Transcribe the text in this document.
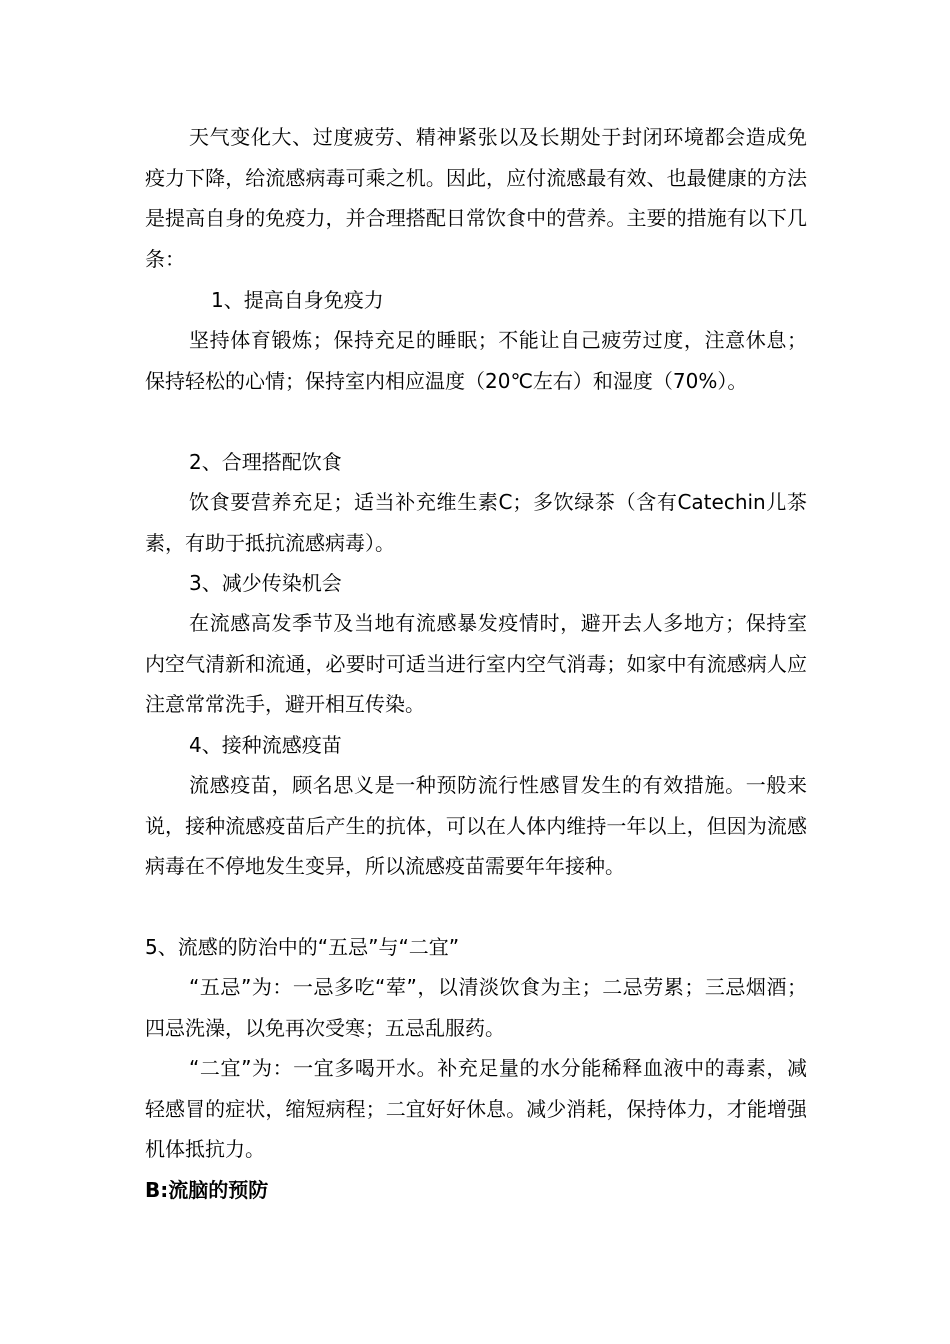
天气变化大、过度疲劳、精神紧张以及长期处于封闭环境都会造成免疫力下降，给流感病毒可乘之机。因此，应付流感最有效、也最健康的方法是提高自身的免疫力，并合理搭配日常饮食中的营养。主要的措施有以下几条：

1、提高自身免疫力

坚持体育锻炼；保持充足的睡眠；不能让自己疲劳过度，注意休息；保持轻松的心情；保持室内相应温度（20℃左右）和湿度（70%）。

2、合理搭配饮食

饮食要营养充足；适当补充维生素C；多饮绿茶（含有Catechin儿茶素，有助于抵抗流感病毒）。

3、减少传染机会

在流感高发季节及当地有流感暴发疫情时，避开去人多地方；保持室内空气清新和流通，必要时可适当进行室内空气消毒；如家中有流感病人应注意常常洗手，避开相互传染。

4、接种流感疫苗

流感疫苗，顾名思义是一种预防流行性感冒发生的有效措施。一般来说，接种流感疫苗后产生的抗体，可以在人体内维持一年以上，但因为流感病毒在不停地发生变异，所以流感疫苗需要年年接种。

5、流感的防治中的“五忌”与“二宜”

“五忌”为：一忌多吃“荤”，以清淡饮食为主；二忌劳累；三忌烟酒；四忌洗澡，以免再次受寒；五忌乱服药。

“二宜”为：一宜多喝开水。补充足量的水分能稀释血液中的毒素，减轻感冒的症状，缩短病程；二宜好好休息。减少消耗，保持体力，才能增强机体抵抗力。

B:流脑的预防
